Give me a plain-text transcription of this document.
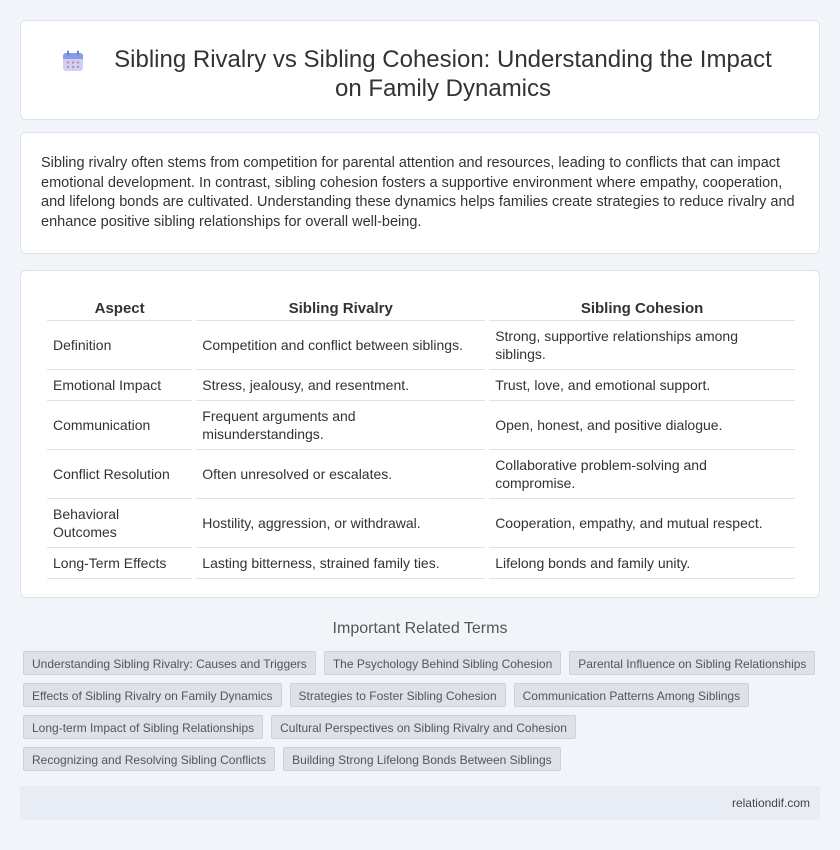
Sibling Rivalry vs Sibling Cohesion: Understanding the Impact on Family Dynamics

Sibling rivalry often stems from competition for parental attention and resources, leading to conflicts that can impact emotional development. In contrast, sibling cohesion fosters a supportive environment where empathy, cooperation, and lifelong bonds are cultivated. Understanding these dynamics helps families create strategies to reduce rivalry and enhance positive sibling relationships for overall well-being.

Aspect	Sibling Rivalry	Sibling Cohesion
Definition	Competition and conflict between siblings.	Strong, supportive relationships among siblings.
Emotional Impact	Stress, jealousy, and resentment.	Trust, love, and emotional support.
Communication	Frequent arguments and misunderstandings.	Open, honest, and positive dialogue.
Conflict Resolution	Often unresolved or escalates.	Collaborative problem-solving and compromise.
Behavioral Outcomes	Hostility, aggression, or withdrawal.	Cooperation, empathy, and mutual respect.
Long-Term Effects	Lasting bitterness, strained family ties.	Lifelong bonds and family unity.
Important Related Terms
Understanding Sibling Rivalry: Causes and Triggers	The Psychology Behind Sibling Cohesion	Parental Influence on Sibling Relationships
Effects of Sibling Rivalry on Family Dynamics	Strategies to Foster Sibling Cohesion	Communication Patterns Among Siblings
Long-term Impact of Sibling Relationships	Cultural Perspectives on Sibling Rivalry and Cohesion
Recognizing and Resolving Sibling Conflicts	Building Strong Lifelong Bonds Between Siblings
relationdif.com
